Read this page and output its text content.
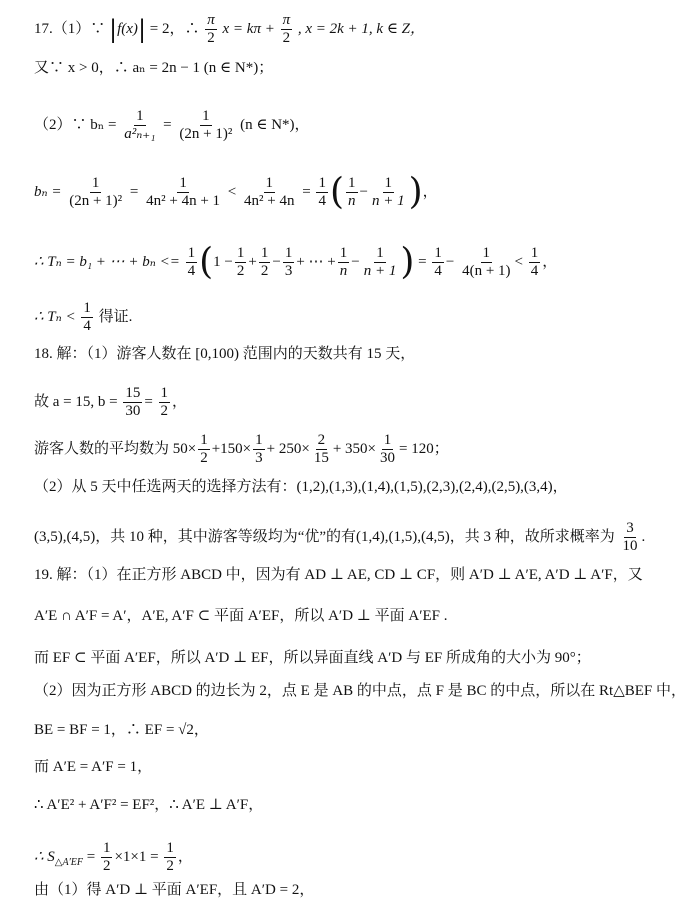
17.（1）∵ |f(x)| = 2，∴ $\frac{\pi}{2}$ $x = k\pi + \frac{\pi}{2}$ , x = 2k + 1, k ∈ Z，
又∵ x > 0，∴ aₙ = 2n − 1 (n ∈ N*)；
（2）∵ $b_n = \frac{1}{\text{a²ₙ₊₁}} = \frac{1}{\text{(2n + 1)²}} (n$ ∈ N*)，
$b_n = \frac{1}{\text{(2n + 1)²}} = \frac{1}{\text{4n² + 4n + 1}} < \frac{1}{\text{4n² + 4n}} = \frac{1}{4}$ ( $\frac{1}{n} - \frac{1}{n + 1}$ )，
∴ Tₙ = b₁ + ⋯ + $b_n <= \frac{1}{4} (1 - \frac{1}{2} + \frac{1}{2} - \frac{1}{3}$ + ⋯ + $\frac{1}{n} - \frac{1}{n + 1}$ ) = $\frac{1}{4} - \frac{1}{4(n + 1)} < \frac{1}{4}$ ，
∴ $T_n < \frac{1}{4}$ 得证.
18. 解：（1）游客人数在 [0,100) 范围内的天数共有 15 天，
故 a = 15, $b = \frac{15}{30} = \frac{1}{2}$ ，
游客人数的平均数为 $50\times \frac{1}{2} +150\times \frac{1}{3} + 250\times \frac{2}{15} + 350\times \frac{1}{30} = 120$；
（2）从 5 天中任选两天的选择方法有：(1,2),(1,3),(1,4),(1,5),(2,3),(2,4),(2,5),(3,4)，
(3,5),(4,5)，共 10 种，其中游客等级均为“优”的有(1,4),(1,5),(4,5)，共 3 种，故所求概率为 $\frac{3}{10}$ .
19. 解：（1）在正方形 ABCD 中，因为有 AD ⊥ AE, CD ⊥ CF，则 A′D ⊥ A′E, A′D ⊥ A′F，又
A′E ∩ A′F = A′，A′E, A′F ⊂ 平面 A′EF，所以 A′D ⊥ 平面 A′EF .
而 EF ⊂ 平面 A′EF，所以 A′D ⊥ EF，所以异面直线 A′D 与 EF 所成角的大小为 90°；
（2）因为正方形 ABCD 的边长为 2，点 E 是 AB 的中点，点 F 是 BC 的中点，所以在 Rt△BEF 中，
BE = BF = 1，∴ EF = √2，
而 A′E = A′F = 1，
∴ A′E² + A′F² = EF²，∴ A′E ⊥ A′F，
∴ $S_{\triangle A'EF} = \frac{1}{2} \times 1\times 1 = \frac{1}{2}$ ，
由（1）得 A′D ⊥ 平面 A′EF，且 A′D = 2，
